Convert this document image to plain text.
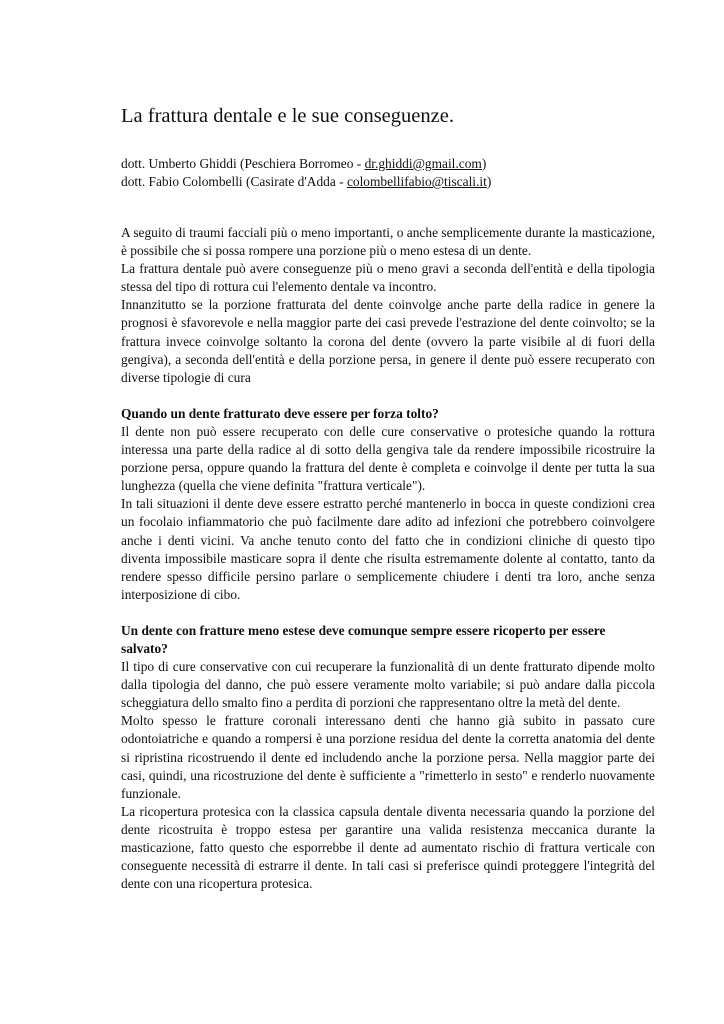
La frattura dentale e le sue conseguenze.
dott. Umberto Ghiddi (Peschiera Borromeo - dr.ghiddi@gmail.com)
dott. Fabio Colombelli (Casirate d'Adda - colombellifabio@tiscali.it)

A seguito di traumi facciali più o meno importanti, o anche semplicemente durante la masticazione, è possibile che si possa rompere una porzione più o meno estesa di un dente.

La frattura dentale può avere conseguenze più o meno gravi a seconda dell'entità e della tipologia stessa del tipo di rottura cui l'elemento dentale va incontro.

Innanzitutto se la porzione fratturata del dente coinvolge anche parte della radice in genere la prognosi è sfavorevole e nella maggior parte dei casi prevede l'estrazione del dente coinvolto; se la frattura invece coinvolge soltanto la corona del dente (ovvero la parte visibile al di fuori della gengiva), a seconda dell'entità e della porzione persa, in genere il dente può essere recuperato con diverse tipologie di cura

Quando un dente fratturato deve essere per forza tolto?

Il dente non può essere recuperato con delle cure conservative o protesiche quando la rottura interessa una parte della radice al di sotto della gengiva tale da rendere impossibile ricostruire la porzione persa, oppure quando la frattura del dente è completa e coinvolge il dente per tutta la sua lunghezza (quella che viene definita "frattura verticale").

In tali situazioni il dente deve essere estratto perché mantenerlo in bocca in queste condizioni crea un focolaio infiammatorio che può facilmente dare adito ad infezioni che potrebbero coinvolgere anche i denti vicini. Va anche tenuto conto del fatto che in condizioni cliniche di questo tipo diventa impossibile masticare sopra il dente che risulta estremamente dolente al contatto, tanto da rendere spesso difficile persino parlare o semplicemente chiudere i denti tra loro, anche senza interposizione di cibo.

Un dente con fratture meno estese deve comunque sempre essere ricoperto per essere salvato?

Il tipo di cure conservative con cui recuperare la funzionalità di un dente fratturato dipende molto dalla tipologia del danno, che può essere veramente molto variabile; si può andare dalla piccola scheggiatura dello smalto fino a perdita di porzioni che rappresentano oltre la metà del dente.

Molto spesso le fratture coronali interessano denti che hanno già subito in passato cure odontoiatriche e quando a rompersi è una porzione residua del dente la corretta anatomia del dente si ripristina ricostruendo il dente ed includendo anche la porzione persa. Nella maggior parte dei casi, quindi, una ricostruzione del dente è sufficiente a "rimetterlo in sesto" e renderlo nuovamente funzionale.

La ricopertura protesica con la classica capsula dentale diventa necessaria quando la porzione del dente ricostruita è troppo estesa per garantire una valida resistenza meccanica durante la masticazione, fatto questo che esporrebbe il dente ad aumentato rischio di frattura verticale con conseguente necessità di estrarre il dente. In tali casi si preferisce quindi proteggere l'integrità del dente con una ricopertura protesica.
